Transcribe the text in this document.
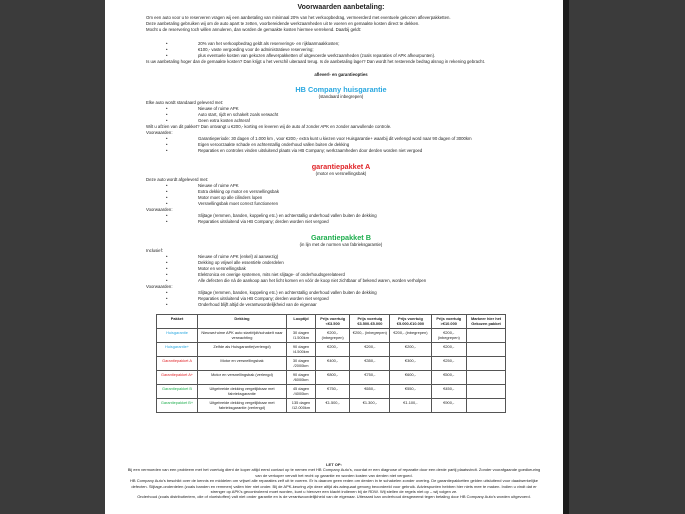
Voorwaarden aanbetaling:

Om een auto voor u te reserveren vragen wij een aanbetaling van minimaal 20% van het verkoopbedrag, vermeerderd met eventuele gekozen afleverpakketten.

Deze aanbetaling gebruiken wij om de auto apart te zetten, voorbereidende werkzaamheden uit te voeren en gemaakte kosten direct te dekken.

Mocht u de reservering toch willen annuleren, dan worden de gemaakte kosten hiermee verrekend. Daarbij geldt:

• 20% van het verkoopbedrag geldt als reserverings- en rijklaarmaakkosten;
• €100,- vaste vergoeding voor de administratieve reservering;
• plus eventuele kosten van gekozen afleverpakketten of uitgevoerde werkzaamheden (zoals reparaties of APK afkeurpunten).

Is uw aanbetaling hoger dan de gemaakte kosten? Dan krijgt u het verschil uiteraard terug. Is de aanbetaling lager? Dan wordt het resterende bedrag alsnog in rekening gebracht.

afleverl- en garantieopties
HB Company huisgarantie
(standaard inbegrepen)

Elke auto wordt standaard geleverd met:

• Nieuwe of ruime APK
• Auto start, rijdt en schakelt zoals verwacht
• Geen extra kosten achteraf

Wilt u afzien van dit pakket? Dan ontvangt u €200,- korting en leveren wij de auto af zonder APK en zonder aanvullende controle.

Voorwaarden:

• Garantieperiode: 30 dagen of 1.000 km , voor €200,- extra kunt u kiezen voor Huisgarantie+ waarbij dit verlengd word naar 90 dagen of 3000km
• Eigen veroorzaakte schade en achterstallig onderhoud vallen buiten de dekking
• Reparaties en controles vinden uitsluitend plaats via HB Company; werkzaamheden door derden worden niet vergoed
garantiepakket A
(motor en versnellingsbak)

Deze auto wordt afgeleverd met:

• Nieuwe of ruime APK
• Extra dekking op motor en versnellingsbak
• Motor moet op alle cilinders lopen
• Versnellingsbak moet correct functioneren

Voorwaarden:

• Slijtage (remmen, banden, koppeling etc.) en achterstallig onderhoud vallen buiten de dekking
• Reparaties uitsluitend via HB Company; derden worden niet vergoed
Garantiepakket B
(in lijn met de normen van fabrieksgarantie)

Inclusief:

• Nieuwe of ruime APK (enkel) al aanwezig)
• Dekking op vrijwel alle essentiële onderdelen
• Motor en versnellingsbak
• Elektronica en overige systemen, mits niet slijtage- of onderhoudsgerelateerd
• Alle defecten die nà de aankoop aan het licht komen en vóór de koop niet zichtbaar of bekend waren, worden verholpen

Voorwaarden:

• Slijtage (remmen, banden, koppeling etc.) en achterstallig onderhoud vallen buiten de dekking
• Reparaties uitsluitend via HB Company; derden worden niet vergoed
• Onderhoud blijft altijd de verantwoordelijkheid van de eigenaar
Pakket	Dekking	Looptijd	Prijs voertuig <€3.500	Prijs voertuig €3.500-€5.000	Prijs voertuig €5.000-€10.000	Prijs voertuig >€10.000	Markeer hier het Gekozen pakket
Huisgarantie	Nieuwe/ruime APK auto start/rijdt/schakelt naar verwachting	30 dagen /1.500km	€200,- (inbegrepen)	€200,- (inbegrepen)	€200,- (inbegrepen)	€200,- (inbegrepen)	
Huisgarantie+	Zelfde als Huisgarantie(verlengd)	90 dagen /4.500km	€200,-	€200,-	€200,-	€200,-	
Garantiepakket A	Motor en versnellingsbak	30 dagen /2000km	€400,-	€350,-	€300,-	€250,-	
Garantiepakket A+	Motor en versnellingsbak (verlengd)	90 dagen /6000km	€800,-	€750,-	€600,-	€500,-	
Garantiepakket B	Uitgebreide dekking vergelijkbaar met fabrieksgarantie	45 dagen /4000km	€750,-	€650,-	€550,-	€450,-	
Garantiepakket B+	Uitgebreide dekking vergelijkbaar met fabrieksgarantie (verlengd)	135 dagen /12.000km	€1.500,-	€1.300,-	€1.100,-	€900,-	
LET OP:

Bij een vermoeden van een probleem met het voertuig dient de koper altijd eerst contact op te nemen met HB Company Auto's, voordat er een diagnose of reparatie door een derde partij plaatsvindt. Zonder voorafgaande goedkeuring van de verkoper vervalt het recht op garantie en worden kosten van derden niet vergoed.

HB Company Auto's beschikt over de kennis en middelen om vrijwel alle reparaties zelf uit te voeren. Er is daarom geen reden om derden in te schakelen zonder overleg. De garantiepakketten gelden uitsluitend voor daadwerkelijke defecten. Slijtage-onderdelen (zoals banden en remmen) vallen hier niet onder. Bij de APK-keuring zijn deze altijd als adequaat genoeg beoordeeld voor gebruik. Adviespunten hebben hier niets mee te maken. Indien u vindt dat er strenger op APK's gecontroleerd moet worden, kunt u hierover een klacht indienen bij de RDW. Wij stellen de regels niet op – wij volgen ze.

Onderhoud (zoals distributieriem, olie of vloeistoffen) valt niet onder garantie en is de verantwoordelijkheid van de eigenaar. Uiteraard kan onderhoud desgewenst tegen betaling door HB Company Auto's worden uitgevoerd.
